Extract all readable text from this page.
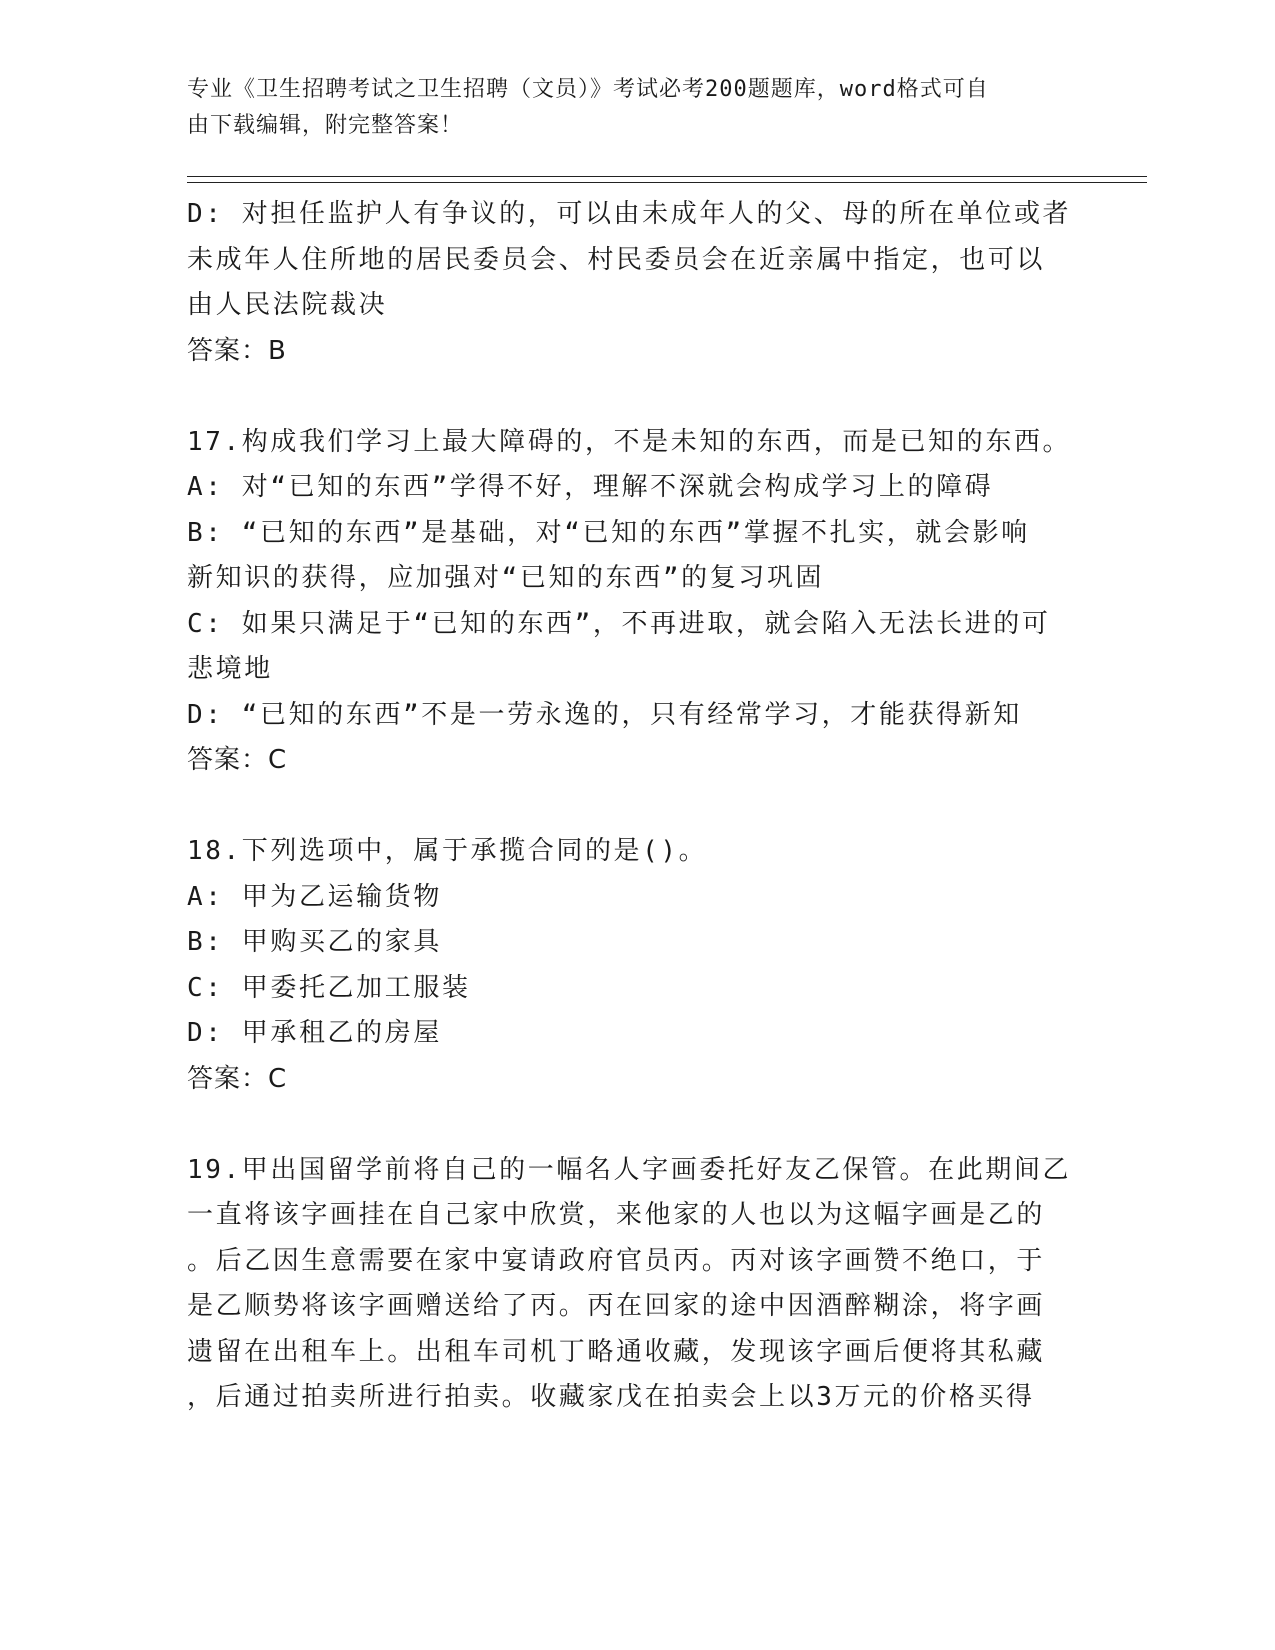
专业《卫生招聘考试之卫生招聘（文员）》考试必考200题题库，word格式可自
由下载编辑，附完整答案！
D: 对担任监护人有争议的，可以由未成年人的父、母的所在单位或者
未成年人住所地的居民委员会、村民委员会在近亲属中指定，也可以
由人民法院裁决
答案：B
17.构成我们学习上最大障碍的，不是未知的东西，而是已知的东西。
A: 对“已知的东西”学得不好，理解不深就会构成学习上的障碍
B: “已知的东西”是基础，对“已知的东西”掌握不扎实，就会影响
新知识的获得，应加强对“已知的东西”的复习巩固
C: 如果只满足于“已知的东西”，不再进取，就会陷入无法长进的可
悲境地
D: “已知的东西”不是一劳永逸的，只有经常学习，才能获得新知
答案：C
18.下列选项中，属于承揽合同的是()。
A: 甲为乙运输货物
B: 甲购买乙的家具
C: 甲委托乙加工服装
D: 甲承租乙的房屋
答案：C
19.甲出国留学前将自己的一幅名人字画委托好友乙保管。在此期间乙
一直将该字画挂在自己家中欣赏，来他家的人也以为这幅字画是乙的
。后乙因生意需要在家中宴请政府官员丙。丙对该字画赞不绝口，于
是乙顺势将该字画赠送给了丙。丙在回家的途中因酒醉糊涂，将字画
遗留在出租车上。出租车司机丁略通收藏，发现该字画后便将其私藏
，后通过拍卖所进行拍卖。收藏家戊在拍卖会上以3万元的价格买得
